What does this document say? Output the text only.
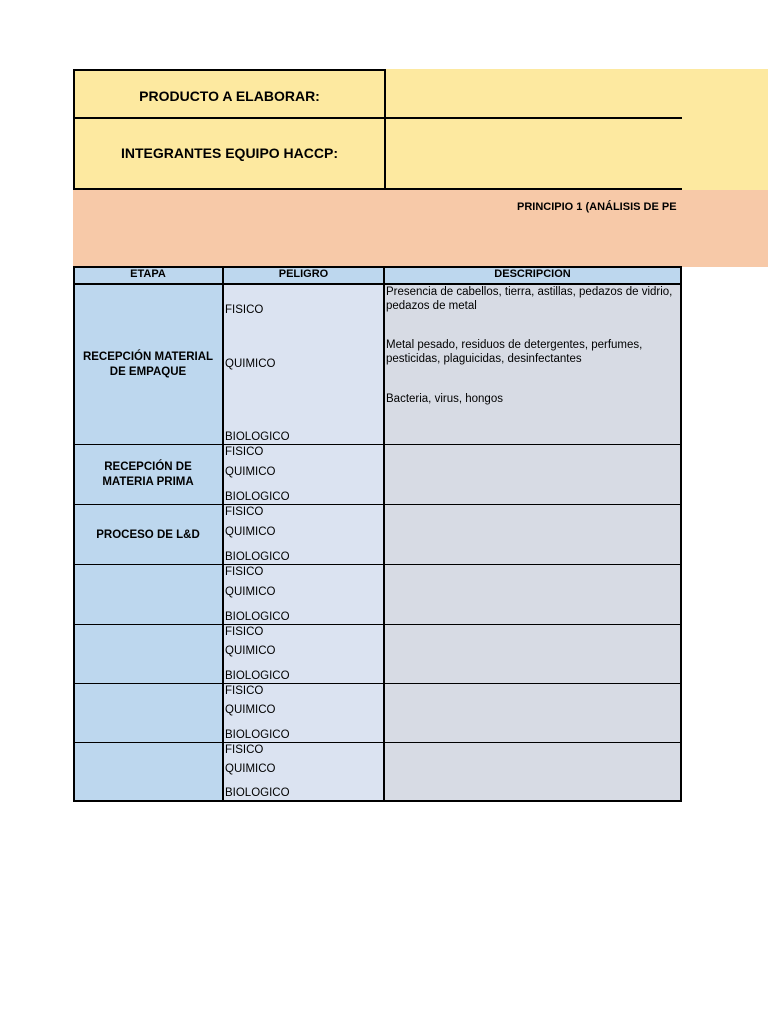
PRODUCTO A ELABORAR:
INTEGRANTES EQUIPO HACCP:
PRINCIPIO 1 (ANÁLISIS DE PE
ETAPA	PELIGRO	DESCRIPCION
RECEPCIÓN MATERIAL DE EMPAQUE
FISICO
Presencia de cabellos, tierra, astillas, pedazos de vidrio, pedazos de metal
QUIMICO
Metal pesado, residuos de detergentes, perfumes, pesticidas, plaguicidas, desinfectantes
BIOLOGICO
Bacteria, virus, hongos
RECEPCIÓN DE MATERIA PRIMA
FISICO
QUIMICO
BIOLOGICO
PROCESO DE L&D
FISICO
QUIMICO
BIOLOGICO
FISICO
QUIMICO
BIOLOGICO
FISICO
QUIMICO
BIOLOGICO
FISICO
QUIMICO
BIOLOGICO
FISICO
QUIMICO
BIOLOGICO
